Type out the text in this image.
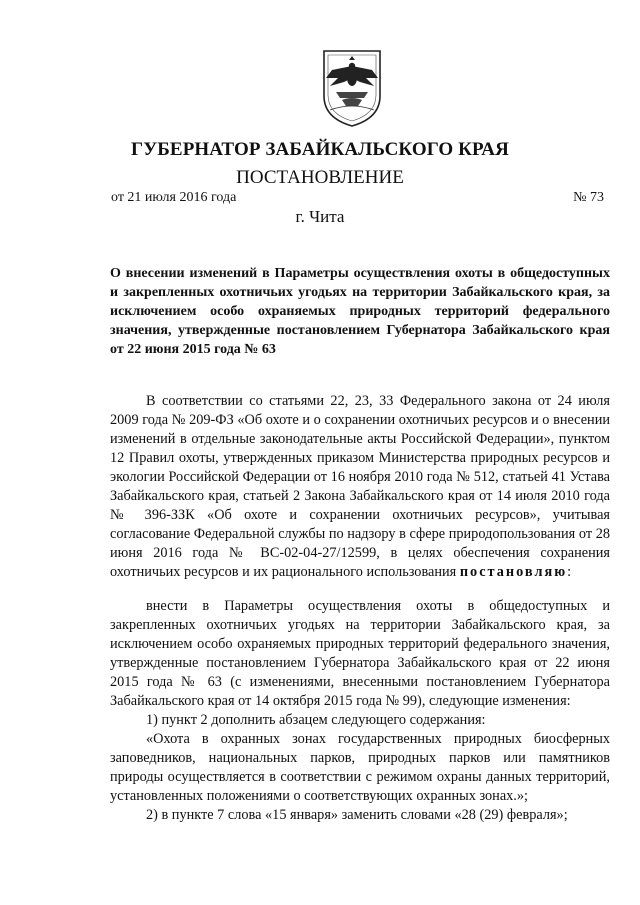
ГУБЕРНАТОР ЗАБАЙКАЛЬСКОГО КРАЯ
ПОСТАНОВЛЕНИЕ
от 21 июля 2016 года	№ 73
г. Чита
О внесении изменений в Параметры осуществления охоты в общедоступных и закрепленных охотничьих угодьях на территории Забайкальского края, за исключением особо охраняемых природных территорий федерального значения, утвержденные постановлением Губернатора Забайкальского края от 22 июня 2015 года № 63

В соответствии со статьями 22, 23, 33 Федерального закона от 24 июля 2009 года № 209-ФЗ «Об охоте и о сохранении охотничьих ресурсов и о внесении изменений в отдельные законодательные акты Российской Федерации», пунктом 12 Правил охоты, утвержденных приказом Министерства природных ресурсов и экологии Российской Федерации от 16 ноября 2010 года № 512, статьей 41 Устава Забайкальского края, статьей 2 Закона Забайкальского края от 14 июля 2010 года № 396-ЗЗК «Об охоте и сохранении охотничьих ресурсов», учитывая согласование Федеральной службы по надзору в сфере природопользования от 28 июня 2016 года № ВС-02-04-27/12599, в целях обеспечения сохранения охотничьих ресурсов и их рационального использования постановляю:

внести в Параметры осуществления охоты в общедоступных и закрепленных охотничьих угодьях на территории Забайкальского края, за исключением особо охраняемых природных территорий федерального значения, утвержденные постановлением Губернатора Забайкальского края от 22 июня 2015 года № 63 (с изменениями, внесенными постановлением Губернатора Забайкальского края от 14 октября 2015 года № 99), следующие изменения:

1) пункт 2 дополнить абзацем следующего содержания:

«Охота в охранных зонах государственных природных биосферных заповедников, национальных парков, природных парков или памятников природы осуществляется в соответствии с режимом охраны данных территорий, установленных положениями о соответствующих охранных зонах.»;

2) в пункте 7 слова «15 января» заменить словами «28 (29) февраля»;
